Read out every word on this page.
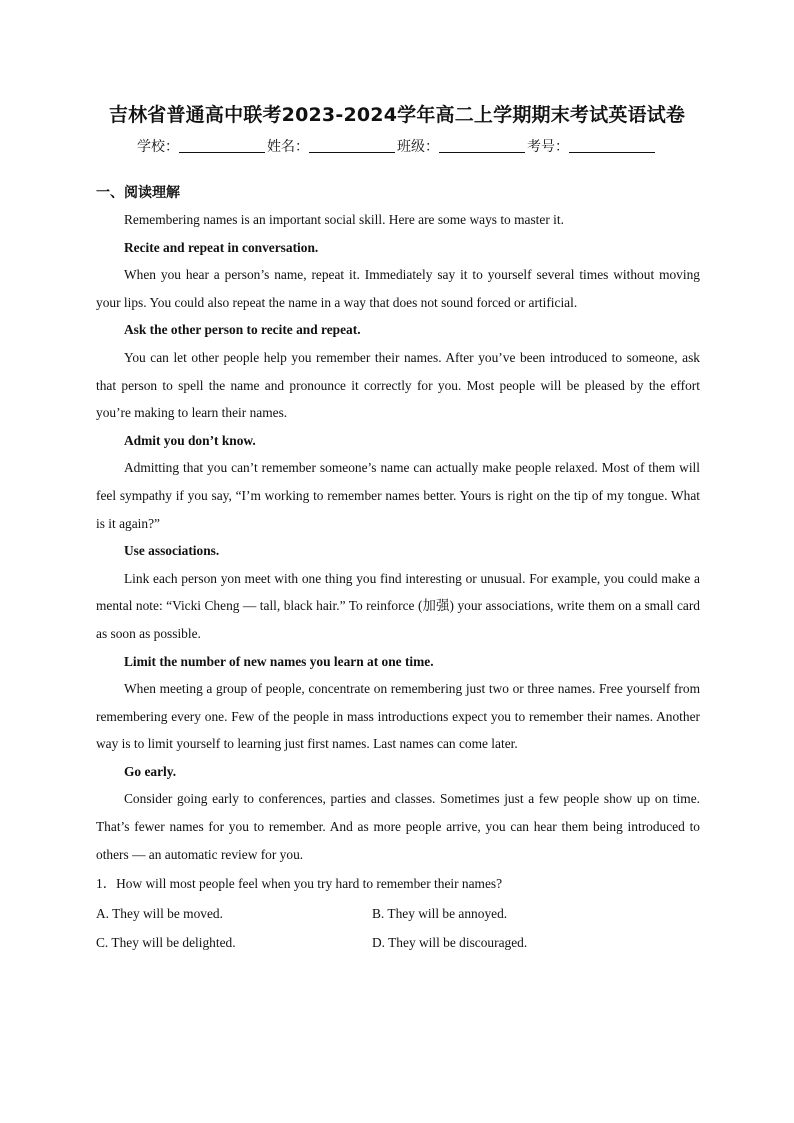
吉林省普通高中联考2023-2024学年高二上学期期末考试英语试卷
学校：	姓名：	班级：	考号：
一、阅读理解

Remembering names is an important social skill. Here are some ways to master it.

Recite and repeat in conversation.

When you hear a person’s name, repeat it. Immediately say it to yourself several times without moving your lips. You could also repeat the name in a way that does not sound forced or artificial.

Ask the other person to recite and repeat.

You can let other people help you remember their names. After you’ve been introduced to someone, ask that person to spell the name and pronounce it correctly for you. Most people will be pleased by the effort you’re making to learn their names.

Admit you don’t know.

Admitting that you can’t remember someone’s name can actually make people relaxed. Most of them will feel sympathy if you say, “I’m working to remember names better. Yours is right on the tip of my tongue. What is it again?”

Use associations.

Link each person yon meet with one thing you find interesting or unusual. For example, you could make a mental note: “Vicki Cheng — tall, black hair.” To reinforce (加强) your associations, write them on a small card as soon as possible.

Limit the number of new names you learn at one time.

When meeting a group of people, concentrate on remembering just two or three names. Free yourself from remembering every one. Few of the people in mass introductions expect you to remember their names. Another way is to limit yourself to learning just first names. Last names can come later.

Go early.

Consider going early to conferences, parties and classes. Sometimes just a few people show up on time. That’s fewer names for you to remember. And as more people arrive, you can hear them being introduced to others — an automatic review for you.

1．How will most people feel when you try hard to remember their names?

A. They will be moved.	B. They will be annoyed.
C. They will be delighted.	D. They will be discouraged.
